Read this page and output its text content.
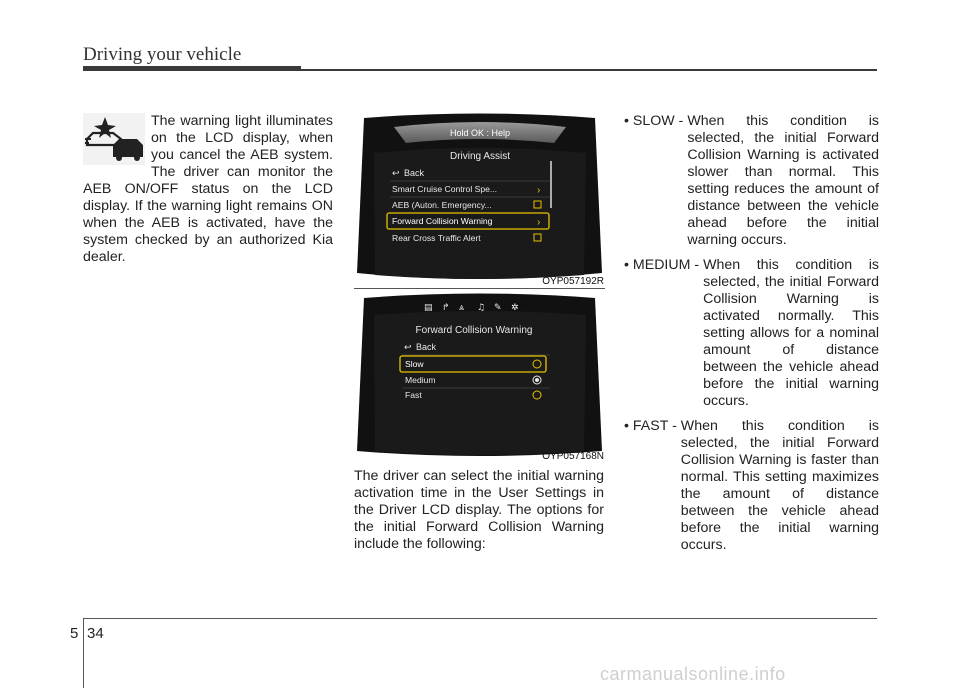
Driving your vehicle

The warning light illuminates on the LCD display, when you cancel the AEB system. The driver can monitor the AEB ON/OFF status on the LCD display. If the warning light remains ON when the AEB is activated, have the system checked by an authorized Kia dealer.

Hold OK : Help
Driving Assist
↩ Back
Smart Cruise Control Spe...	›
AEB (Auton. Emergency...
Forward Collision Warning	›
Rear Cross Traffic Alert
OYP057192R
▤ ↱ ⩓ ♫ ✎ ✲
Forward Collision Warning
↩ Back
Slow
Medium
Fast
OYP057168N

The driver can select the initial warning activation time in the User Settings in the Driver LCD display. The options for the initial Forward Collision Warning include the following:

• SLOW - When this condition is selected, the initial Forward Collision Warning is activated slower than normal. This setting reduces the amount of distance between the vehicle ahead before the initial warning occurs.
• MEDIUM - When this condition is selected, the initial Forward Collision Warning is activated normally. This setting allows for a nominal amount of distance between the vehicle ahead before the initial warning occurs.
• FAST - When this condition is selected, the initial Forward Collision Warning is faster than normal. This setting maximizes the amount of distance between the vehicle ahead before the initial warning occurs.
5 34
carmanualsonline.info
